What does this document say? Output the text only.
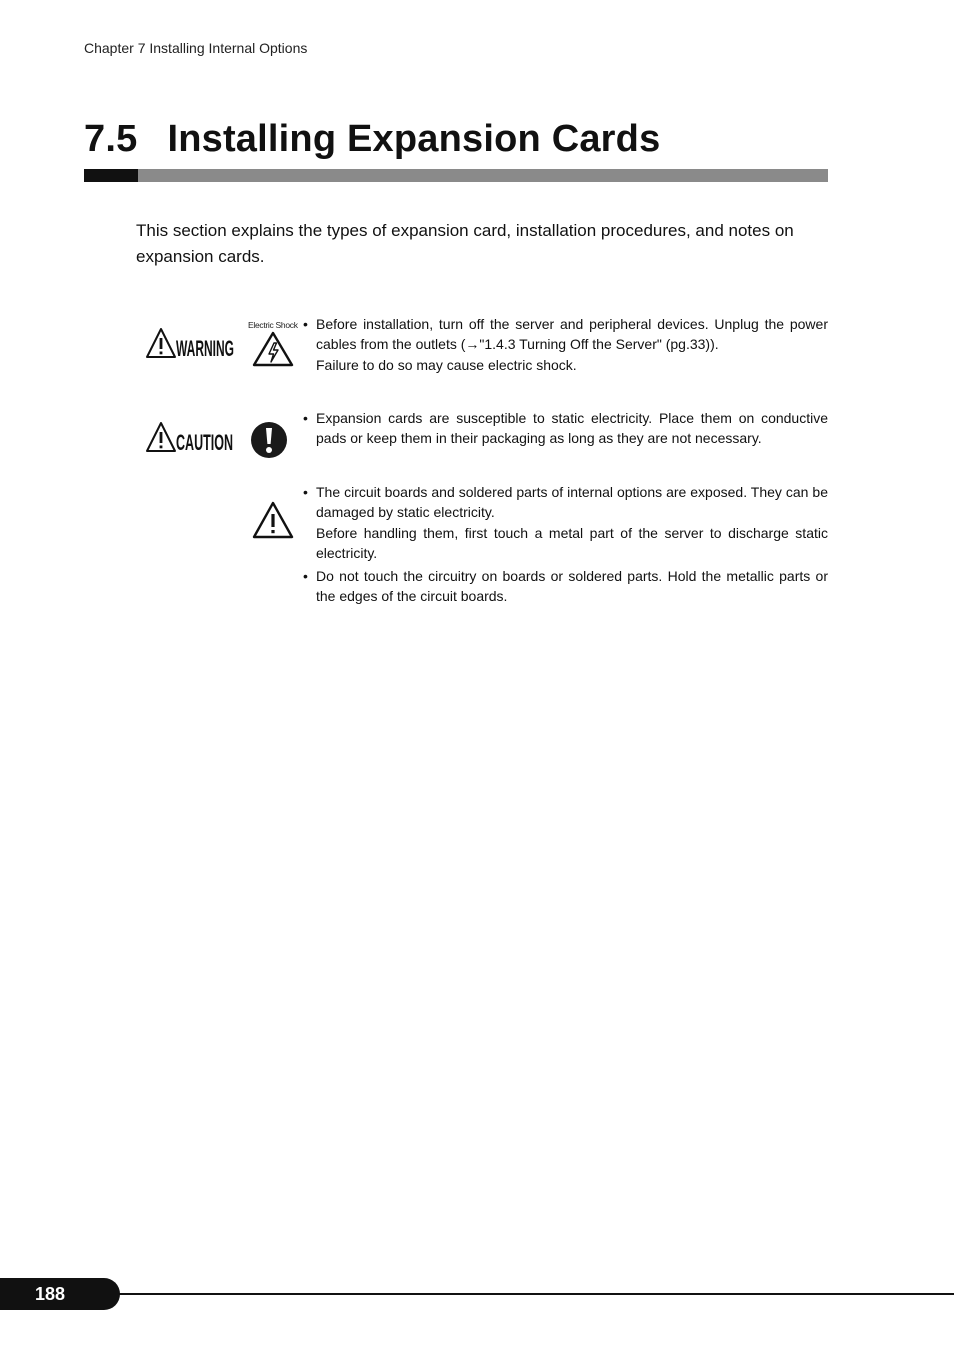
Chapter 7 Installing Internal Options
7.5 Installing Expansion Cards

This section explains the types of expansion card, installation procedures, and notes on expansion cards.

WARNING
Electric Shock
• Before installation, turn off the server and peripheral devices. Unplug the power cables from the outlets (→"1.4.3 Turning Off the Server" (pg.33)).
Failure to do so may cause electric shock.
CAUTION
• Expansion cards are susceptible to static electricity. Place them on conductive pads or keep them in their packaging as long as they are not necessary.
• The circuit boards and soldered parts of internal options are exposed. They can be damaged by static electricity.
Before handling them, first touch a metal part of the server to discharge static electricity.
• Do not touch the circuitry on boards or soldered parts. Hold the metallic parts or the edges of the circuit boards.
188
